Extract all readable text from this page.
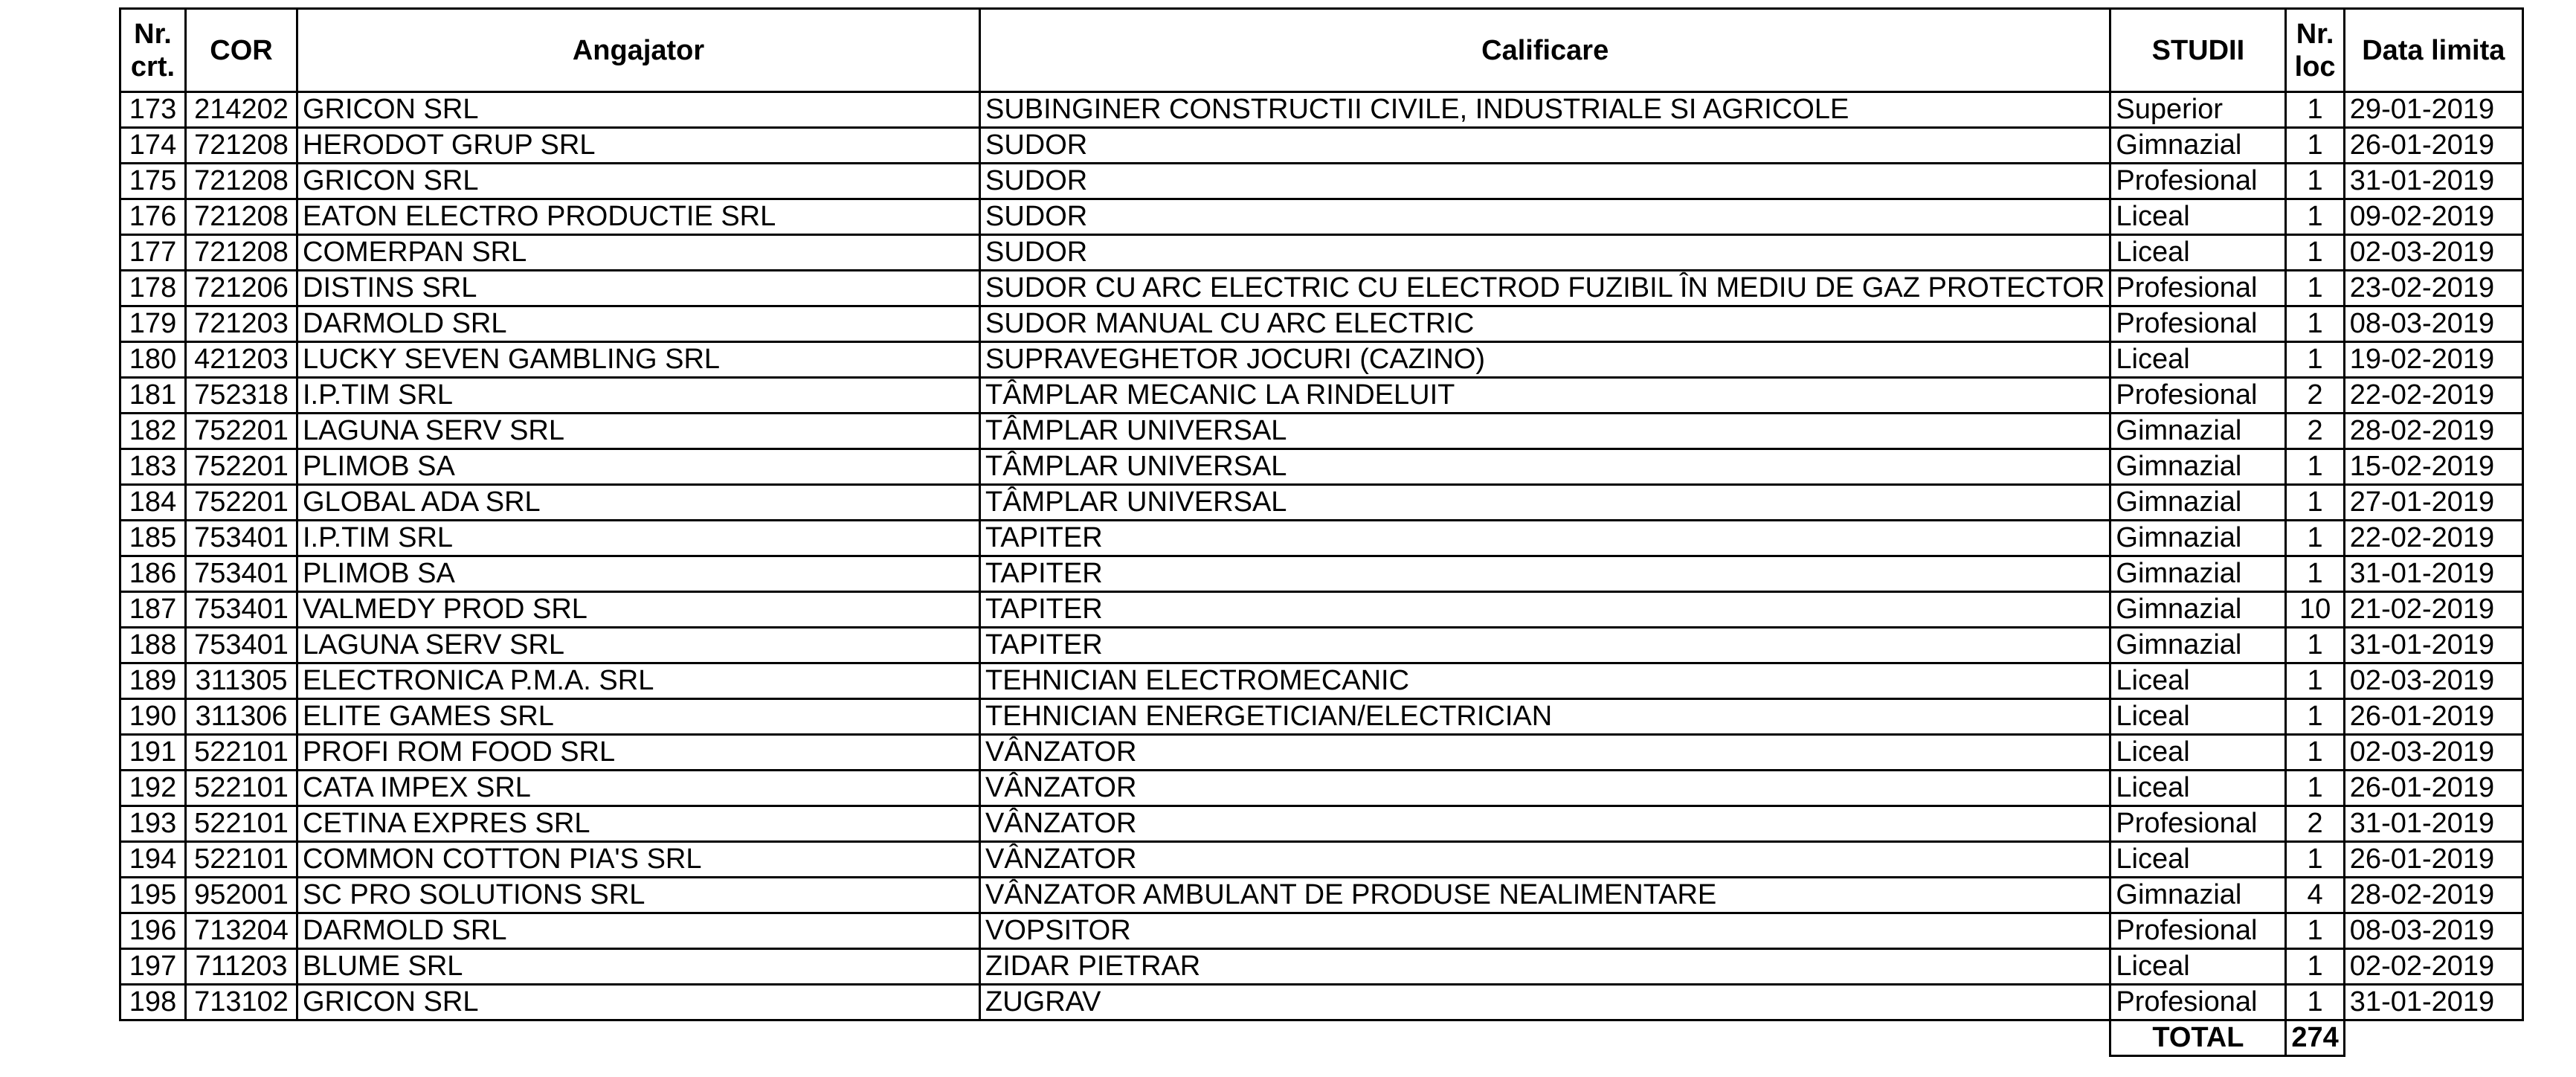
Nr. crt.	COR	Angajator	Calificare	STUDII	Nr. loc	Data limita
173	214202	GRICON SRL	SUBINGINER CONSTRUCTII CIVILE, INDUSTRIALE SI AGRICOLE	Superior	1	29-01-2019
174	721208	HERODOT GRUP SRL	SUDOR	Gimnazial	1	26-01-2019
175	721208	GRICON SRL	SUDOR	Profesional	1	31-01-2019
176	721208	EATON ELECTRO PRODUCTIE SRL	SUDOR	Liceal	1	09-02-2019
177	721208	COMERPAN SRL	SUDOR	Liceal	1	02-03-2019
178	721206	DISTINS SRL	SUDOR CU ARC ELECTRIC CU ELECTROD FUZIBIL ÎN MEDIU DE GAZ PROTECTOR	Profesional	1	23-02-2019
179	721203	DARMOLD SRL	SUDOR MANUAL CU ARC ELECTRIC	Profesional	1	08-03-2019
180	421203	LUCKY SEVEN GAMBLING SRL	SUPRAVEGHETOR JOCURI (CAZINO)	Liceal	1	19-02-2019
181	752318	I.P.TIM SRL	TÂMPLAR MECANIC LA RINDELUIT	Profesional	2	22-02-2019
182	752201	LAGUNA SERV SRL	TÂMPLAR UNIVERSAL	Gimnazial	2	28-02-2019
183	752201	PLIMOB SA	TÂMPLAR UNIVERSAL	Gimnazial	1	15-02-2019
184	752201	GLOBAL ADA SRL	TÂMPLAR UNIVERSAL	Gimnazial	1	27-01-2019
185	753401	I.P.TIM SRL	TAPITER	Gimnazial	1	22-02-2019
186	753401	PLIMOB SA	TAPITER	Gimnazial	1	31-01-2019
187	753401	VALMEDY PROD SRL	TAPITER	Gimnazial	10	21-02-2019
188	753401	LAGUNA SERV SRL	TAPITER	Gimnazial	1	31-01-2019
189	311305	ELECTRONICA P.M.A. SRL	TEHNICIAN ELECTROMECANIC	Liceal	1	02-03-2019
190	311306	ELITE GAMES SRL	TEHNICIAN ENERGETICIAN/ELECTRICIAN	Liceal	1	26-01-2019
191	522101	PROFI ROM FOOD SRL	VÂNZATOR	Liceal	1	02-03-2019
192	522101	CATA IMPEX SRL	VÂNZATOR	Liceal	1	26-01-2019
193	522101	CETINA EXPRES SRL	VÂNZATOR	Profesional	2	31-01-2019
194	522101	COMMON COTTON PIA'S SRL	VÂNZATOR	Liceal	1	26-01-2019
195	952001	SC PRO SOLUTIONS SRL	VÂNZATOR AMBULANT DE PRODUSE NEALIMENTARE	Gimnazial	4	28-02-2019
196	713204	DARMOLD SRL	VOPSITOR	Profesional	1	08-03-2019
197	711203	BLUME SRL	ZIDAR PIETRAR	Liceal	1	02-02-2019
198	713102	GRICON SRL	ZUGRAV	Profesional	1	31-01-2019
				TOTAL	274	
